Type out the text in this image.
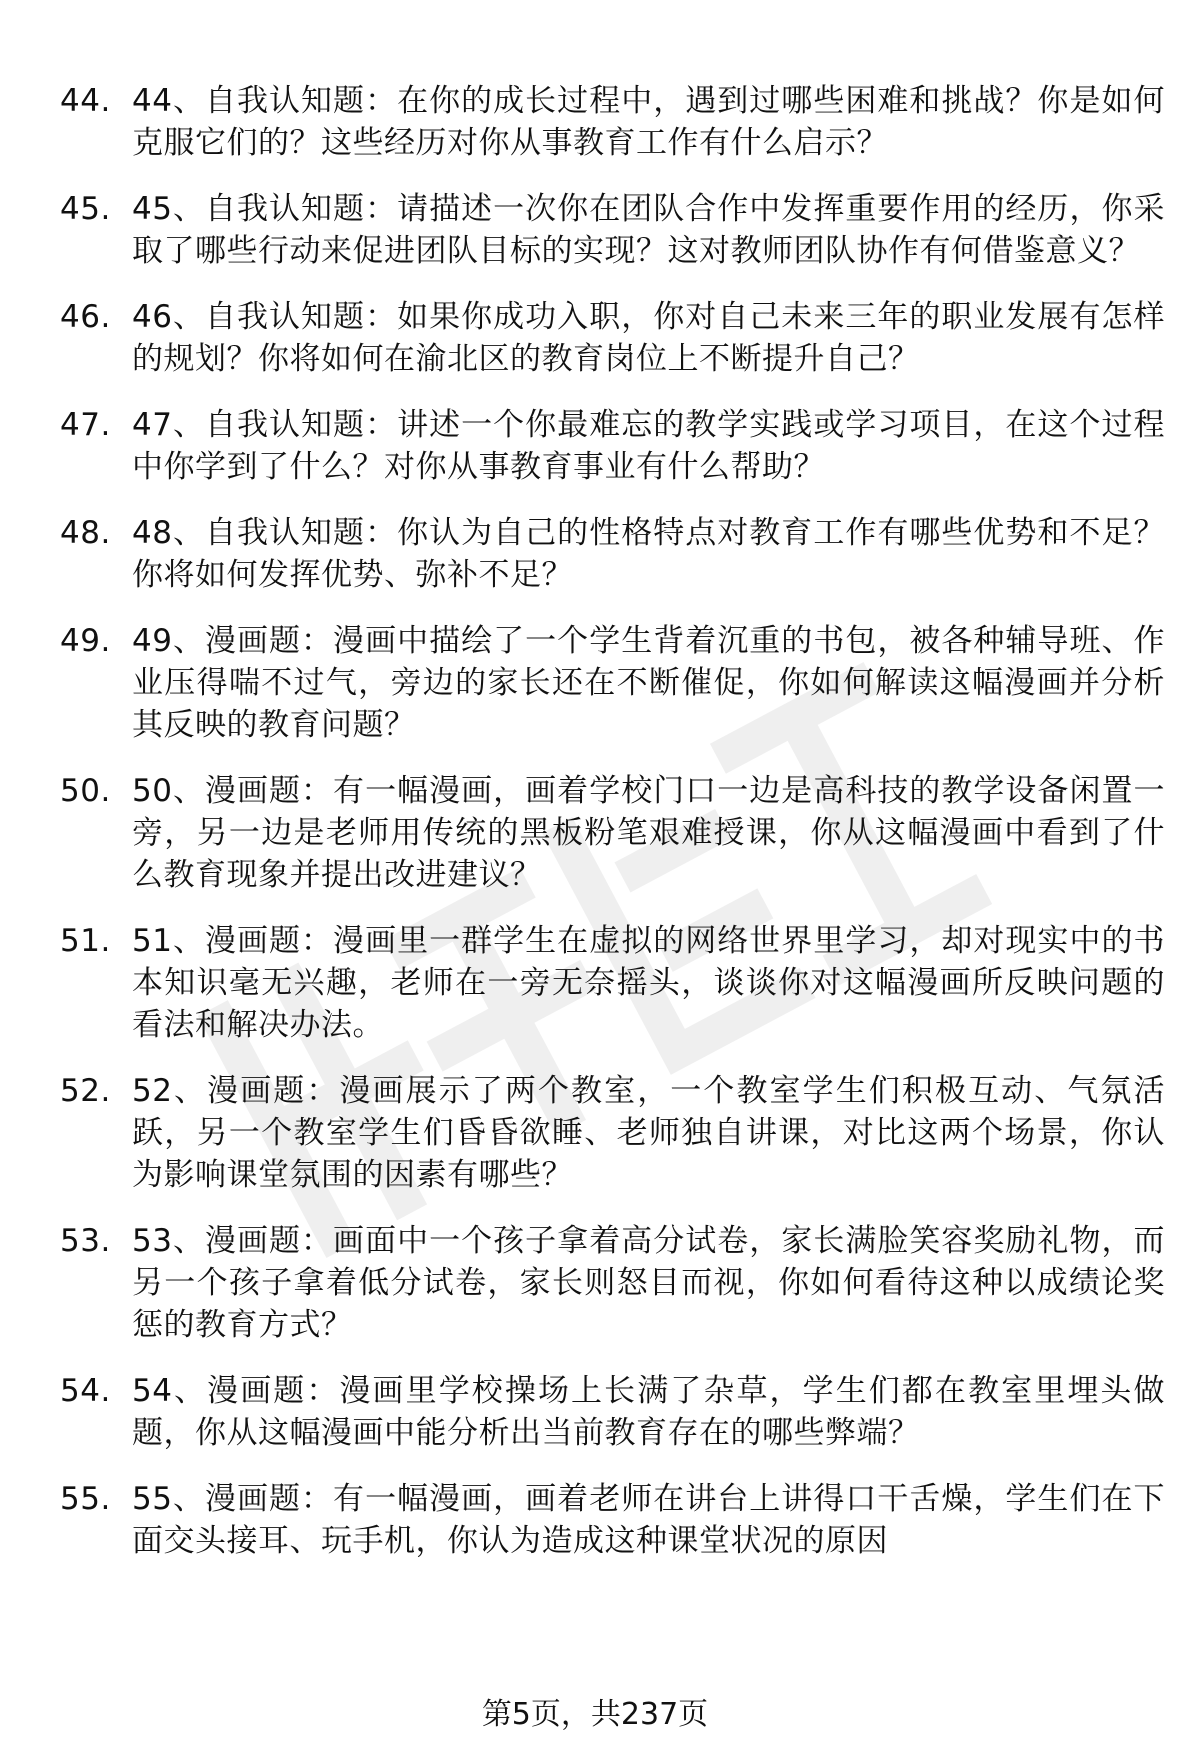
44. 44、自我认知题：在你的成长过程中，遇到过哪些困难和挑战？你是如何克服它们的？这些经历对你从事教育工作有什么启示？
45. 45、自我认知题：请描述一次你在团队合作中发挥重要作用的经历，你采取了哪些行动来促进团队目标的实现？这对教师团队协作有何借鉴意义？
46. 46、自我认知题：如果你成功入职，你对自己未来三年的职业发展有怎样的规划？你将如何在渝北区的教育岗位上不断提升自己？
47. 47、自我认知题：讲述一个你最难忘的教学实践或学习项目，在这个过程中你学到了什么？对你从事教育事业有什么帮助？
48. 48、自我认知题：你认为自己的性格特点对教育工作有哪些优势和不足？你将如何发挥优势、弥补不足？
49. 49、漫画题：漫画中描绘了一个学生背着沉重的书包，被各种辅导班、作业压得喘不过气，旁边的家长还在不断催促，你如何解读这幅漫画并分析其反映的教育问题？
50. 50、漫画题：有一幅漫画，画着学校门口一边是高科技的教学设备闲置一旁，另一边是老师用传统的黑板粉笔艰难授课，你从这幅漫画中看到了什么教育现象并提出改进建议？
51. 51、漫画题：漫画里一群学生在虚拟的网络世界里学习，却对现实中的书本知识毫无兴趣，老师在一旁无奈摇头，谈谈你对这幅漫画所反映问题的看法和解决办法。
52. 52、漫画题：漫画展示了两个教室，一个教室学生们积极互动、气氛活跃，另一个教室学生们昏昏欲睡、老师独自讲课，对比这两个场景，你认为影响课堂氛围的因素有哪些？
53. 53、漫画题：画面中一个孩子拿着高分试卷，家长满脸笑容奖励礼物，而另一个孩子拿着低分试卷，家长则怒目而视，你如何看待这种以成绩论奖惩的教育方式？
54. 54、漫画题：漫画里学校操场上长满了杂草，学生们都在教室里埋头做题，你从这幅漫画中能分析出当前教育存在的哪些弊端？
55. 55、漫画题：有一幅漫画，画着老师在讲台上讲得口干舌燥，学生们在下面交头接耳、玩手机，你认为造成这种课堂状况的原因
第5页，共237页
